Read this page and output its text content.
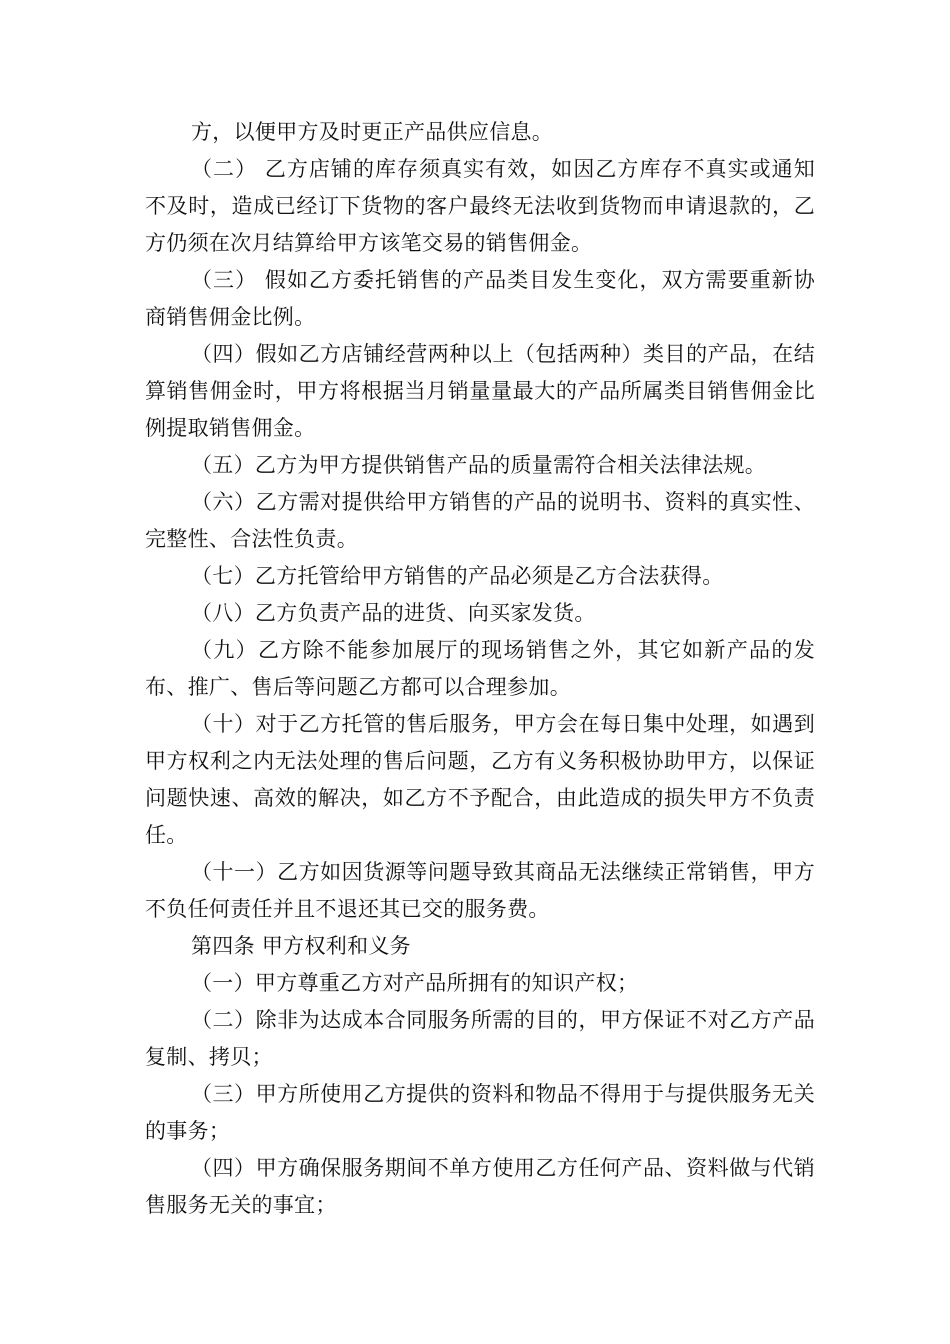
方，以便甲方及时更正产品供应信息。

（二） 乙方店铺的库存须真实有效，如因乙方库存不真实或通知不及时，造成已经订下货物的客户最终无法收到货物而申请退款的，乙方仍须在次月结算给甲方该笔交易的销售佣金。

（三） 假如乙方委托销售的产品类目发生变化，双方需要重新协商销售佣金比例。

（四）假如乙方店铺经营两种以上（包括两种）类目的产品，在结算销售佣金时，甲方将根据当月销量量最大的产品所属类目销售佣金比例提取销售佣金。

（五）乙方为甲方提供销售产品的质量需符合相关法律法规。

（六）乙方需对提供给甲方销售的产品的说明书、资料的真实性、完整性、合法性负责。

（七）乙方托管给甲方销售的产品必须是乙方合法获得。

（八）乙方负责产品的进货、向买家发货。

（九）乙方除不能参加展厅的现场销售之外，其它如新产品的发布、推广、售后等问题乙方都可以合理参加。

（十）对于乙方托管的售后服务，甲方会在每日集中处理，如遇到甲方权利之内无法处理的售后问题，乙方有义务积极协助甲方，以保证问题快速、高效的解决，如乙方不予配合，由此造成的损失甲方不负责任。

（十一）乙方如因货源等问题导致其商品无法继续正常销售，甲方不负任何责任并且不退还其已交的服务费。

第四条 甲方权利和义务

（一）甲方尊重乙方对产品所拥有的知识产权；

（二）除非为达成本合同服务所需的目的，甲方保证不对乙方产品复制、拷贝；

（三）甲方所使用乙方提供的资料和物品不得用于与提供服务无关的事务；

（四）甲方确保服务期间不单方使用乙方任何产品、资料做与代销售服务无关的事宜；
